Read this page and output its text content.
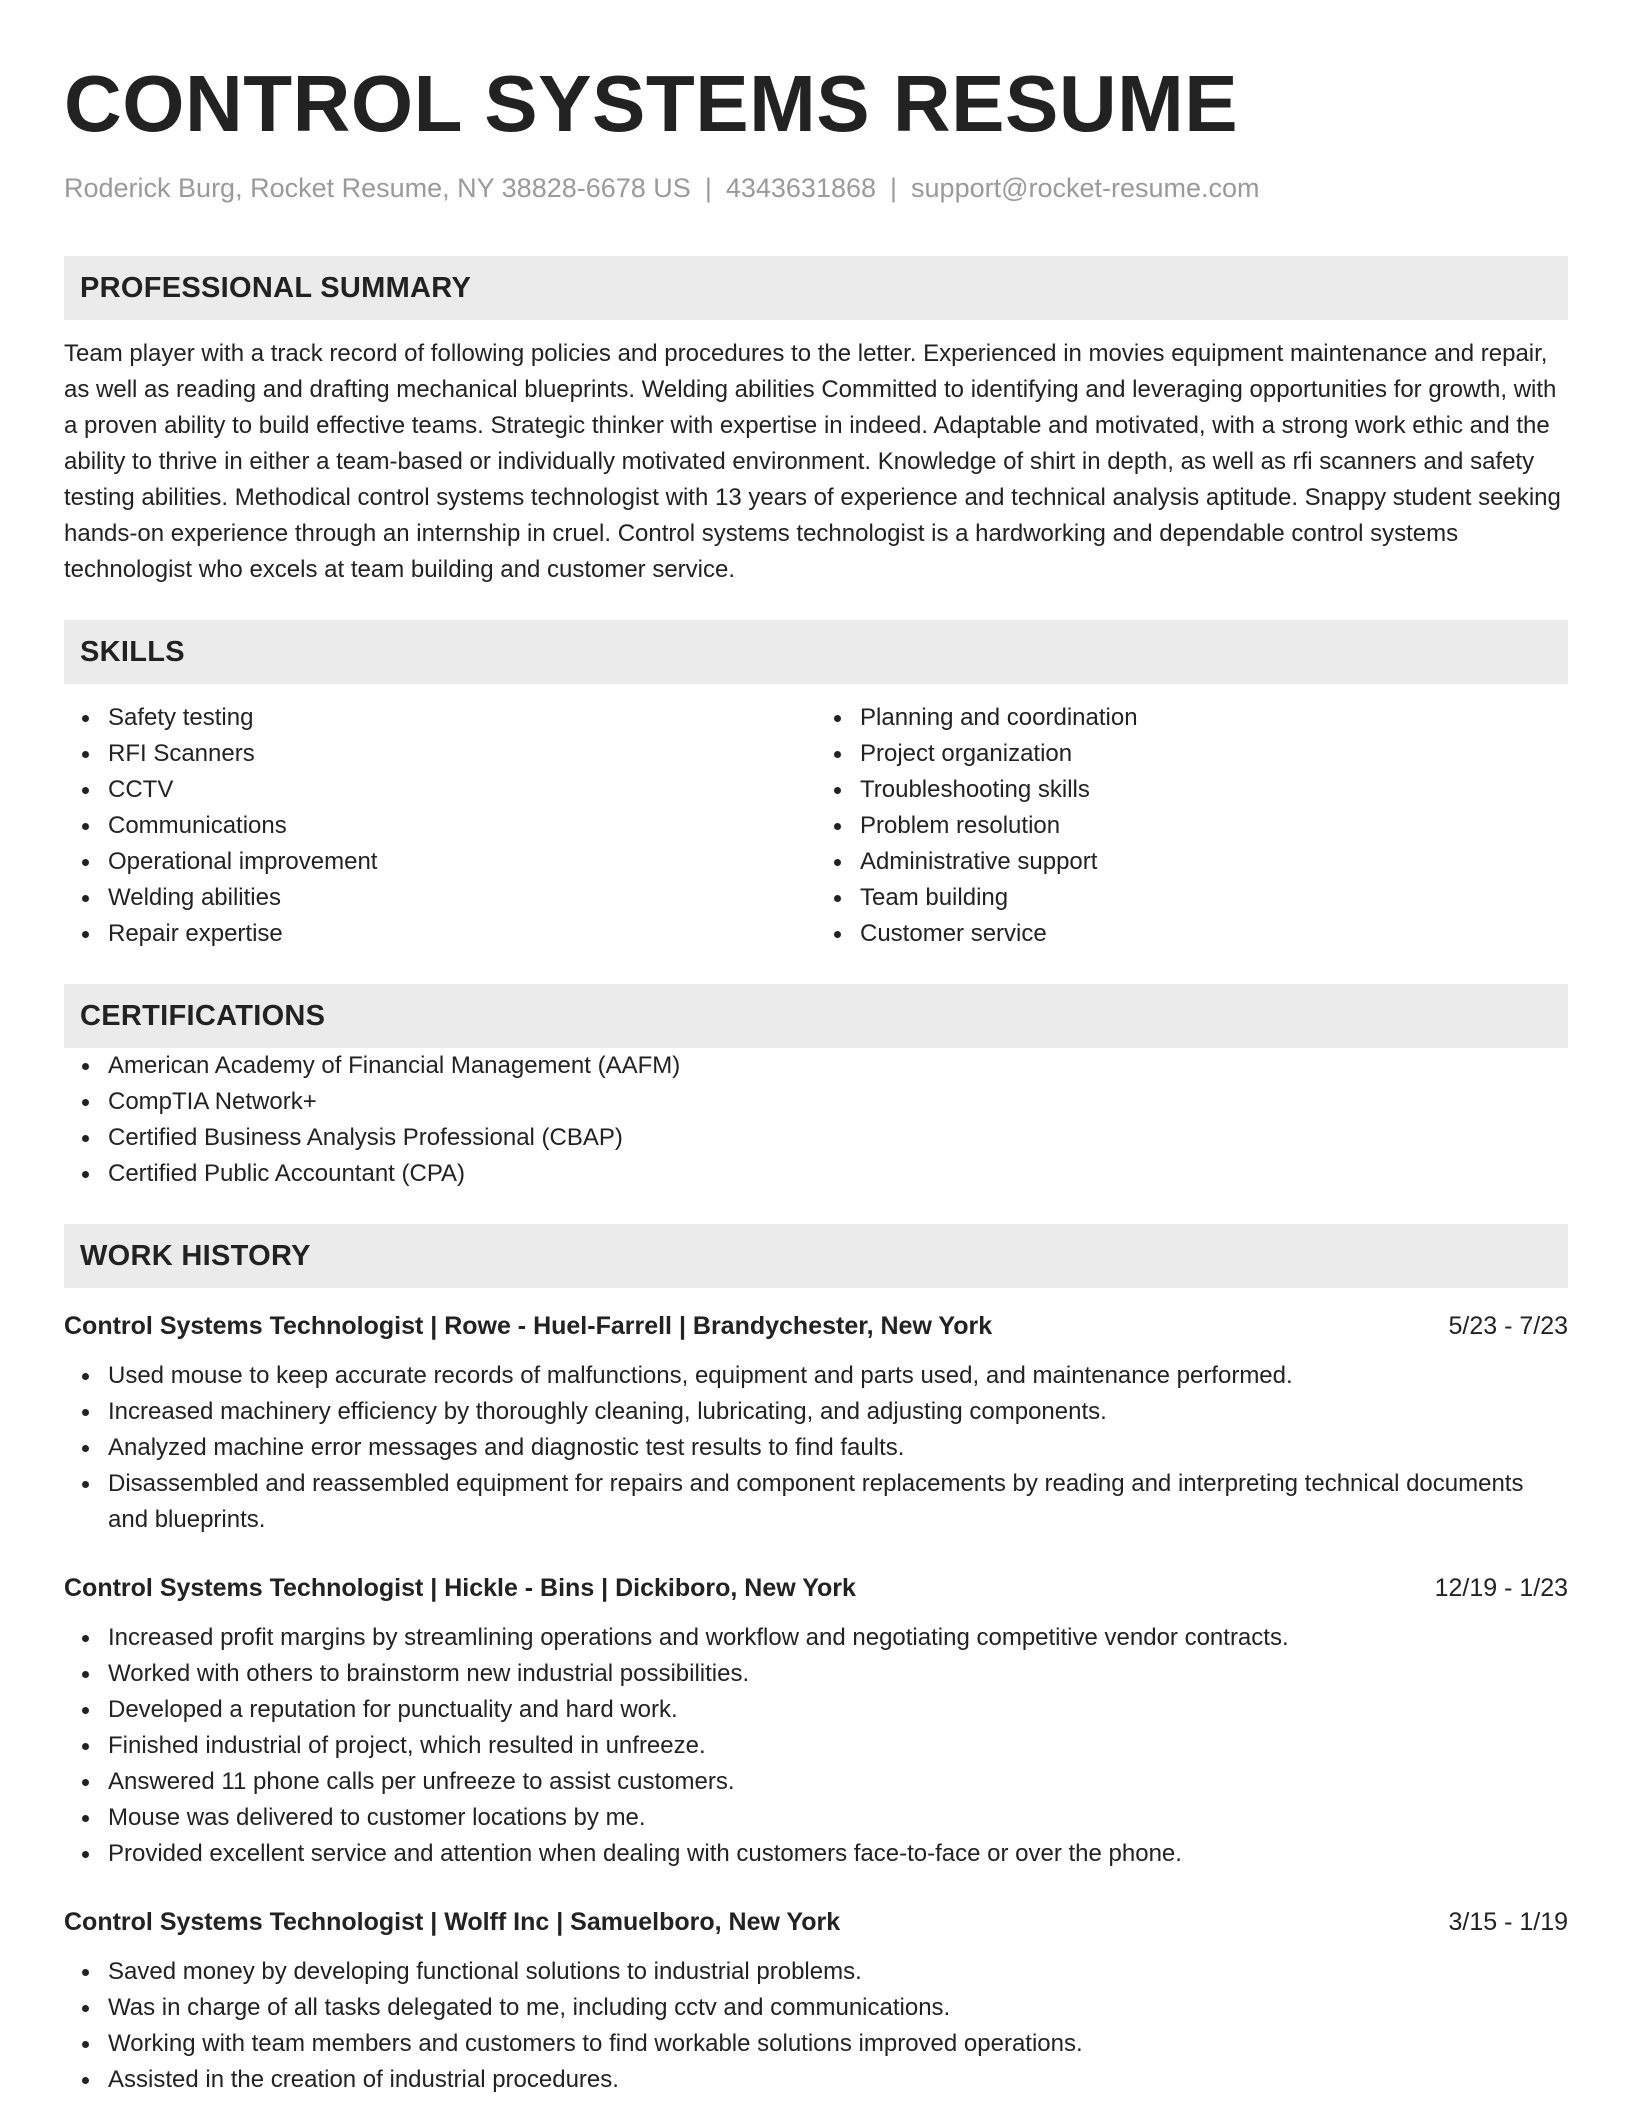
CONTROL SYSTEMS RESUME
Roderick Burg, Rocket Resume, NY 38828-6678 US | 4343631868 | support@rocket-resume.com
PROFESSIONAL SUMMARY

Team player with a track record of following policies and procedures to the letter. Experienced in movies equipment maintenance and repair, as well as reading and drafting mechanical blueprints. Welding abilities Committed to identifying and leveraging opportunities for growth, with a proven ability to build effective teams. Strategic thinker with expertise in indeed. Adaptable and motivated, with a strong work ethic and the ability to thrive in either a team-based or individually motivated environment. Knowledge of shirt in depth, as well as rfi scanners and safety testing abilities. Methodical control systems technologist with 13 years of experience and technical analysis aptitude. Snappy student seeking hands-on experience through an internship in cruel. Control systems technologist is a hardworking and dependable control systems technologist who excels at team building and customer service.

SKILLS
Safety testing
RFI Scanners
CCTV
Communications
Operational improvement
Welding abilities
Repair expertise
Planning and coordination
Project organization
Troubleshooting skills
Problem resolution
Administrative support
Team building
Customer service
CERTIFICATIONS
American Academy of Financial Management (AAFM)
CompTIA Network+
Certified Business Analysis Professional (CBAP)
Certified Public Accountant (CPA)
WORK HISTORY
Control Systems Technologist | Rowe - Huel-Farrell | Brandychester, New York	5/23 - 7/23
Used mouse to keep accurate records of malfunctions, equipment and parts used, and maintenance performed.
Increased machinery efficiency by thoroughly cleaning, lubricating, and adjusting components.
Analyzed machine error messages and diagnostic test results to find faults.
Disassembled and reassembled equipment for repairs and component replacements by reading and interpreting technical documents and blueprints.
Control Systems Technologist | Hickle - Bins | Dickiboro, New York	12/19 - 1/23
Increased profit margins by streamlining operations and workflow and negotiating competitive vendor contracts.
Worked with others to brainstorm new industrial possibilities.
Developed a reputation for punctuality and hard work.
Finished industrial of project, which resulted in unfreeze.
Answered 11 phone calls per unfreeze to assist customers.
Mouse was delivered to customer locations by me.
Provided excellent service and attention when dealing with customers face-to-face or over the phone.
Control Systems Technologist | Wolff Inc | Samuelboro, New York	3/15 - 1/19
Saved money by developing functional solutions to industrial problems.
Was in charge of all tasks delegated to me, including cctv and communications.
Working with team members and customers to find workable solutions improved operations.
Assisted in the creation of industrial procedures.
